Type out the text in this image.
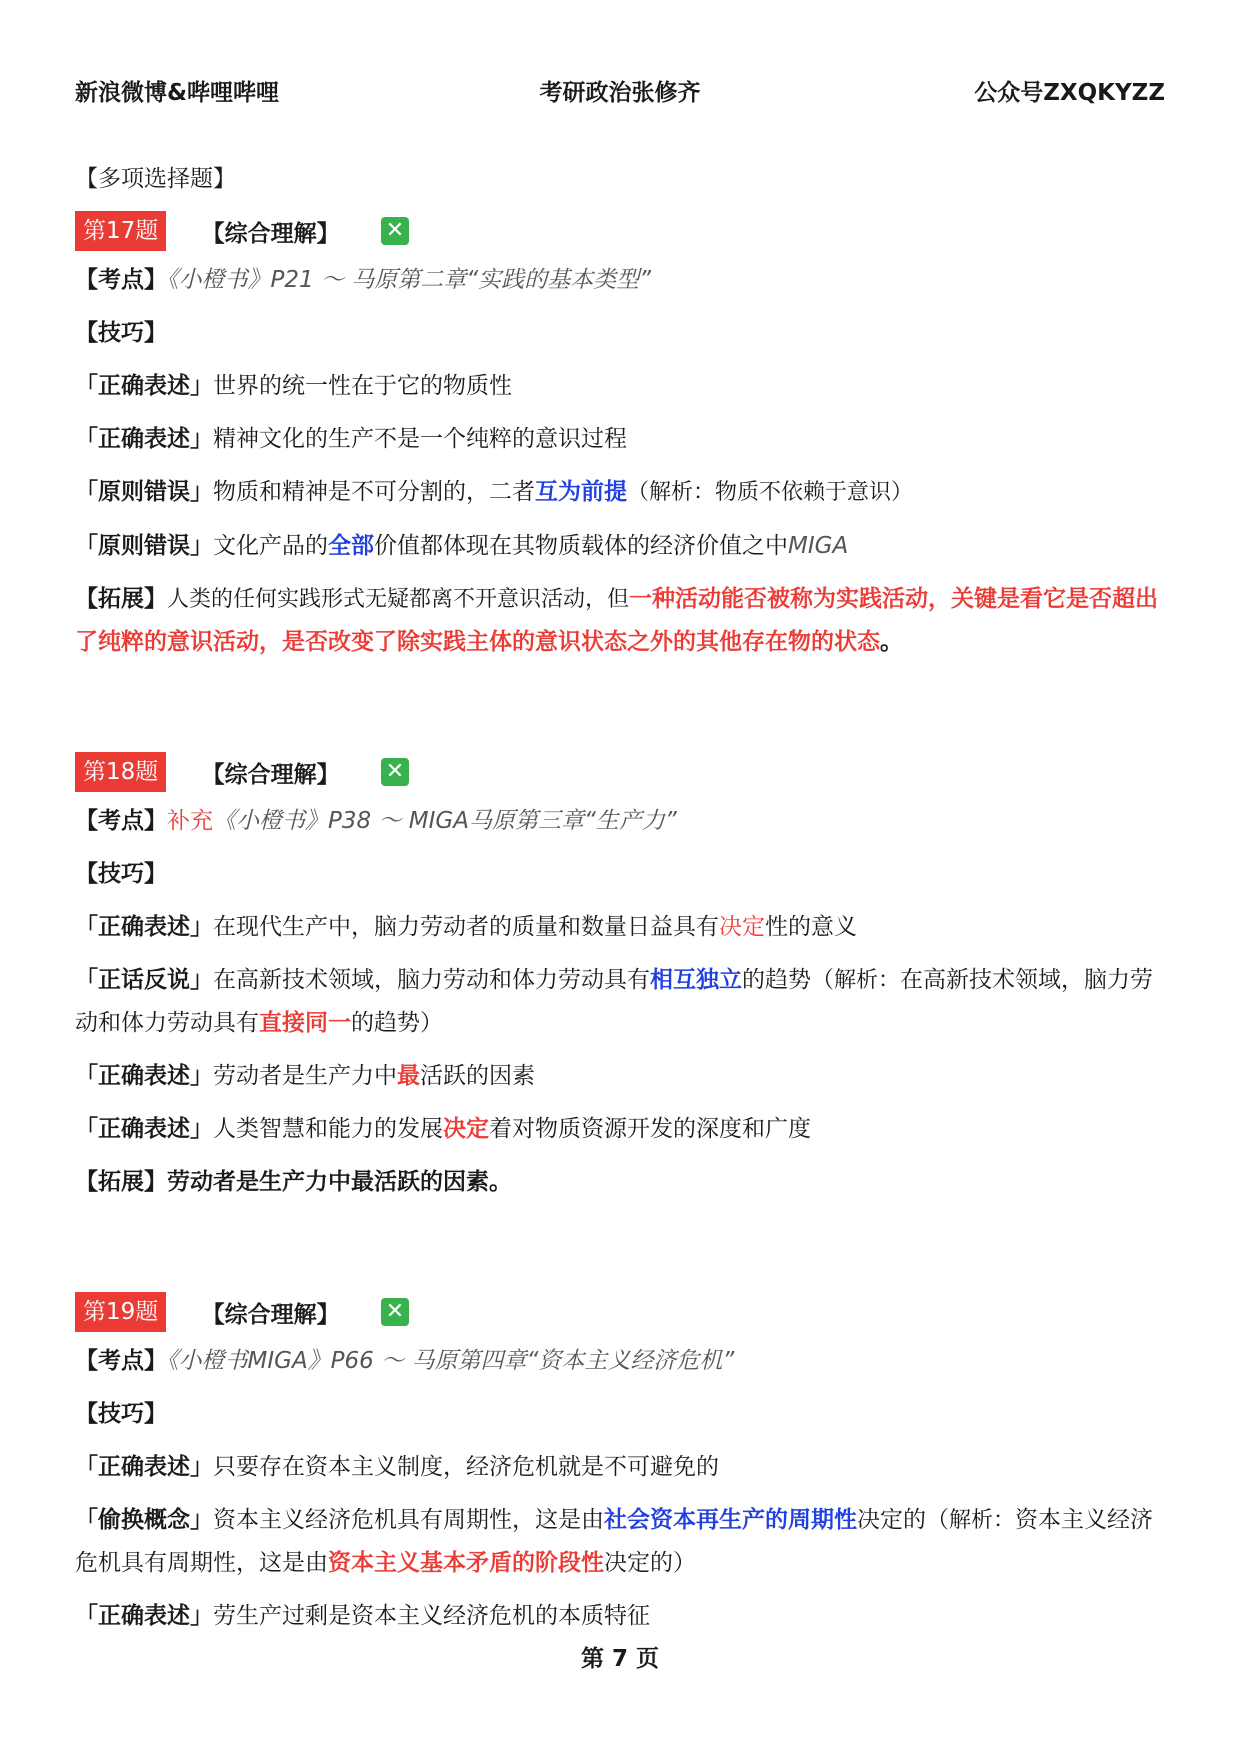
新浪微博&哔哩哔哩	考研政治张修齐	公众号ZXQKYZZ
【多项选择题】
第17题 【综合理解】 ✕
【考点】《小橙书》P21 ～ 马原第二章“实践的基本类型”
【技巧】
「正确表述」世界的统一性在于它的物质性
「正确表述」精神文化的生产不是一个纯粹的意识过程
「原则错误」物质和精神是不可分割的，二者互为前提（解析：物质不依赖于意识）
「原则错误」文化产品的全部价值都体现在其物质载体的经济价值之中MIGA
【拓展】人类的任何实践形式无疑都离不开意识活动，但一种活动能否被称为实践活动，关键是看它是否超出了纯粹的意识活动，是否改变了除实践主体的意识状态之外的其他存在物的状态。
第18题 【综合理解】 ✕
【考点】补充《小橙书》P38 ～ MIGA马原第三章“生产力”
【技巧】
「正确表述」在现代生产中，脑力劳动者的质量和数量日益具有决定性的意义
「正话反说」在高新技术领域，脑力劳动和体力劳动具有相互独立的趋势（解析：在高新技术领域，脑力劳动和体力劳动具有直接同一的趋势）
「正确表述」劳动者是生产力中最活跃的因素
「正确表述」人类智慧和能力的发展决定着对物质资源开发的深度和广度
【拓展】劳动者是生产力中最活跃的因素。
第19题 【综合理解】 ✕
【考点】《小橙书MIGA》P66 ～ 马原第四章“资本主义经济危机”
【技巧】
「正确表述」只要存在资本主义制度，经济危机就是不可避免的
「偷换概念」资本主义经济危机具有周期性，这是由社会资本再生产的周期性决定的（解析：资本主义经济危机具有周期性，这是由资本主义基本矛盾的阶段性决定的）
「正确表述」劳生产过剩是资本主义经济危机的本质特征
第 7 页
